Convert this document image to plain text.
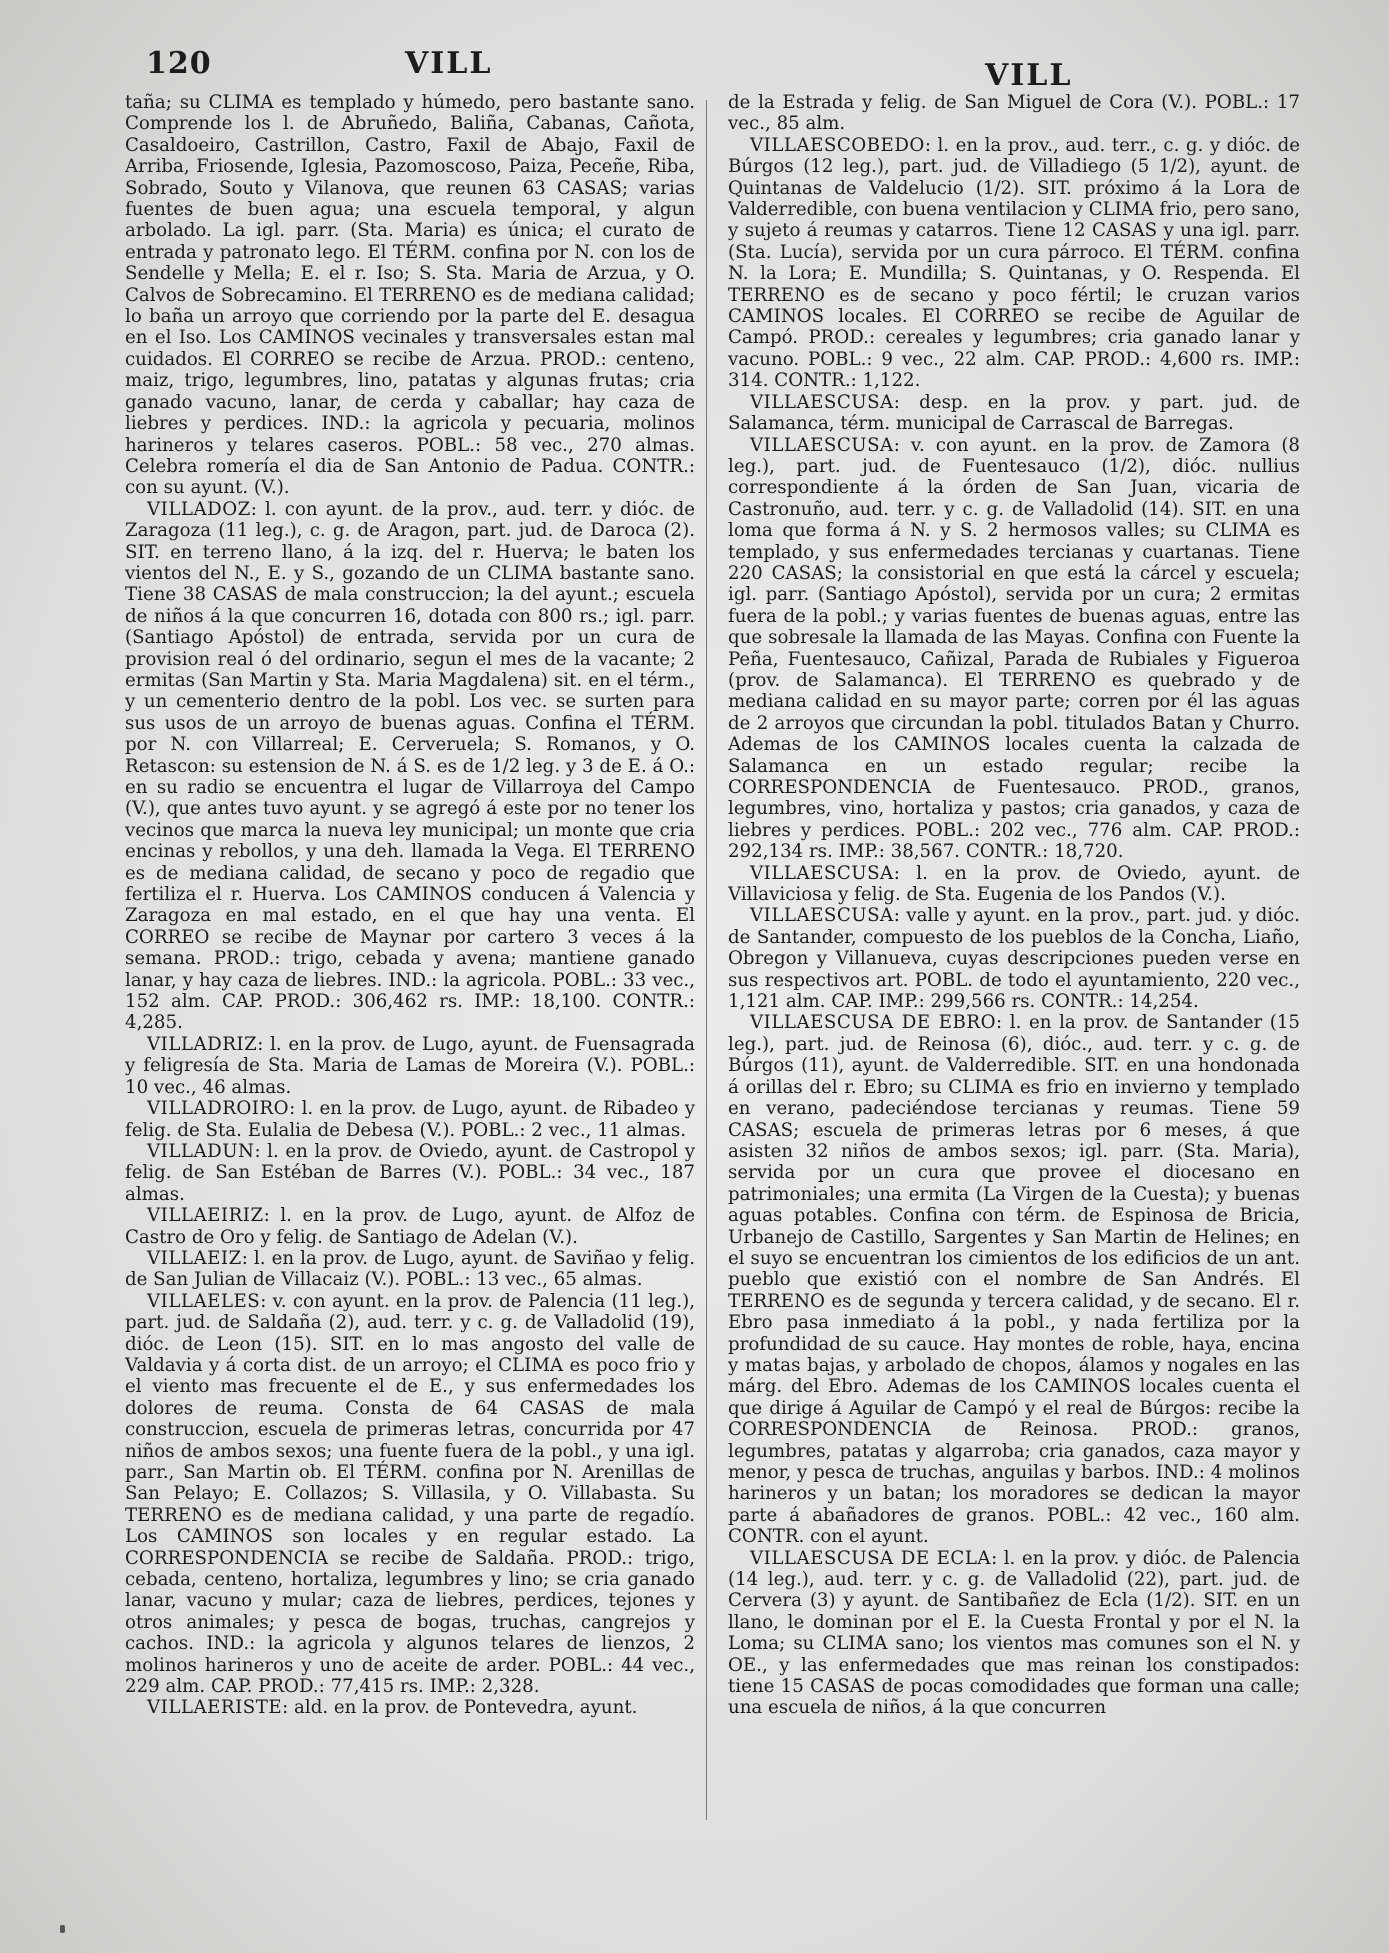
120	VILL	VILL

taña; su CLIMA es templado y húmedo, pero bastante sano. Comprende los l. de Abruñedo, Baliña, Cabanas, Cañota, Casaldoeiro, Castrillon, Castro, Faxil de Abajo, Faxil de Arriba, Friosende, Iglesia, Pazomoscoso, Paiza, Peceñe, Riba, Sobrado, Souto y Vilanova, que reunen 63 CASAS; varias fuentes de buen agua; una escuela temporal, y algun arbolado. La igl. parr. (Sta. Maria) es única; el curato de entrada y patronato lego. El TÉRM. confina por N. con los de Sendelle y Mella; E. el r. Iso; S. Sta. Maria de Arzua, y O. Calvos de Sobrecamino. El TERRENO es de mediana calidad; lo baña un arroyo que corriendo por la parte del E. desagua en el Iso. Los CAMINOS vecinales y transversales estan mal cuidados. El CORREO se recibe de Arzua. PROD.: centeno, maiz, trigo, legumbres, lino, patatas y algunas frutas; cria ganado vacuno, lanar, de cerda y caballar; hay caza de liebres y perdices. IND.: la agricola y pecuaria, molinos harineros y telares caseros. POBL.: 58 vec., 270 almas. Celebra romería el dia de San Antonio de Padua. CONTR.: con su ayunt. (V.).

VILLADOZ: l. con ayunt. de la prov., aud. terr. y dióc. de Zaragoza (11 leg.), c. g. de Aragon, part. jud. de Daroca (2). SIT. en terreno llano, á la izq. del r. Huerva; le baten los vientos del N., E. y S., gozando de un CLIMA bastante sano. Tiene 38 CASAS de mala construccion; la del ayunt.; escuela de niños á la que concurren 16, dotada con 800 rs.; igl. parr. (Santiago Apóstol) de entrada, servida por un cura de provision real ó del ordinario, segun el mes de la vacante; 2 ermitas (San Martin y Sta. Maria Magdalena) sit. en el térm., y un cementerio dentro de la pobl. Los vec. se surten para sus usos de un arroyo de buenas aguas. Confina el TÉRM. por N. con Villarreal; E. Cerveruela; S. Romanos, y O. Retascon: su estension de N. á S. es de 1/2 leg. y 3 de E. á O.: en su radio se encuentra el lugar de Villarroya del Campo (V.), que antes tuvo ayunt. y se agregó á este por no tener los vecinos que marca la nueva ley municipal; un monte que cria encinas y rebollos, y una deh. llamada la Vega. El TERRENO es de mediana calidad, de secano y poco de regadio que fertiliza el r. Huerva. Los CAMINOS conducen á Valencia y Zaragoza en mal estado, en el que hay una venta. El CORREO se recibe de Maynar por cartero 3 veces á la semana. PROD.: trigo, cebada y avena; mantiene ganado lanar, y hay caza de liebres. IND.: la agricola. POBL.: 33 vec., 152 alm. CAP. PROD.: 306,462 rs. IMP.: 18,100. CONTR.: 4,285.

VILLADRIZ: l. en la prov. de Lugo, ayunt. de Fuensagrada y feligresía de Sta. Maria de Lamas de Moreira (V.). POBL.: 10 vec., 46 almas.

VILLADROIRO: l. en la prov. de Lugo, ayunt. de Ribadeo y felig. de Sta. Eulalia de Debesa (V.). POBL.: 2 vec., 11 almas.

VILLADUN: l. en la prov. de Oviedo, ayunt. de Castropol y felig. de San Estéban de Barres (V.). POBL.: 34 vec., 187 almas.

VILLAEIRIZ: l. en la prov. de Lugo, ayunt. de Alfoz de Castro de Oro y felig. de Santiago de Adelan (V.).

VILLAEIZ: l. en la prov. de Lugo, ayunt. de Saviñao y felig. de San Julian de Villacaiz (V.). POBL.: 13 vec., 65 almas.

VILLAELES: v. con ayunt. en la prov. de Palencia (11 leg.), part. jud. de Saldaña (2), aud. terr. y c. g. de Valladolid (19), dióc. de Leon (15). SIT. en lo mas angosto del valle de Valdavia y á corta dist. de un arroyo; el CLIMA es poco frio y el viento mas frecuente el de E., y sus enfermedades los dolores de reuma. Consta de 64 CASAS de mala construccion, escuela de primeras letras, concurrida por 47 niños de ambos sexos; una fuente fuera de la pobl., y una igl. parr., San Martin ob. El TÉRM. confina por N. Arenillas de San Pelayo; E. Collazos; S. Villasila, y O. Villabasta. Su TERRENO es de mediana calidad, y una parte de regadío. Los CAMINOS son locales y en regular estado. La CORRESPONDENCIA se recibe de Saldaña. PROD.: trigo, cebada, centeno, hortaliza, legumbres y lino; se cria ganado lanar, vacuno y mular; caza de liebres, perdices, tejones y otros animales; y pesca de bogas, truchas, cangrejos y cachos. IND.: la agricola y algunos telares de lienzos, 2 molinos harineros y uno de aceite de arder. POBL.: 44 vec., 229 alm. CAP. PROD.: 77,415 rs. IMP.: 2,328.

VILLAERISTE: ald. en la prov. de Pontevedra, ayunt.

de la Estrada y felig. de San Miguel de Cora (V.). POBL.: 17 vec., 85 alm.

VILLAESCOBEDO: l. en la prov., aud. terr., c. g. y dióc. de Búrgos (12 leg.), part. jud. de Villadiego (5 1/2), ayunt. de Quintanas de Valdelucio (1/2). SIT. próximo á la Lora de Valderredible, con buena ventilacion y CLIMA frio, pero sano, y sujeto á reumas y catarros. Tiene 12 CASAS y una igl. parr. (Sta. Lucía), servida por un cura párroco. El TÉRM. confina N. la Lora; E. Mundilla; S. Quintanas, y O. Respenda. El TERRENO es de secano y poco fértil; le cruzan varios CAMINOS locales. El CORREO se recibe de Aguilar de Campó. PROD.: cereales y legumbres; cria ganado lanar y vacuno. POBL.: 9 vec., 22 alm. CAP. PROD.: 4,600 rs. IMP.: 314. CONTR.: 1,122.

VILLAESCUSA: desp. en la prov. y part. jud. de Salamanca, térm. municipal de Carrascal de Barregas.

VILLAESCUSA: v. con ayunt. en la prov. de Zamora (8 leg.), part. jud. de Fuentesauco (1/2), dióc. nullius correspondiente á la órden de San Juan, vicaria de Castronuño, aud. terr. y c. g. de Valladolid (14). SIT. en una loma que forma á N. y S. 2 hermosos valles; su CLIMA es templado, y sus enfermedades tercianas y cuartanas. Tiene 220 CASAS; la consistorial en que está la cárcel y escuela; igl. parr. (Santiago Apóstol), servida por un cura; 2 ermitas fuera de la pobl.; y varias fuentes de buenas aguas, entre las que sobresale la llamada de las Mayas. Confina con Fuente la Peña, Fuentesauco, Cañizal, Parada de Rubiales y Figueroa (prov. de Salamanca). El TERRENO es quebrado y de mediana calidad en su mayor parte; corren por él las aguas de 2 arroyos que circundan la pobl. titulados Batan y Churro. Ademas de los CAMINOS locales cuenta la calzada de Salamanca en un estado regular; recibe la CORRESPONDENCIA de Fuentesauco. PROD., granos, legumbres, vino, hortaliza y pastos; cria ganados, y caza de liebres y perdices. POBL.: 202 vec., 776 alm. CAP. PROD.: 292,134 rs. IMP.: 38,567. CONTR.: 18,720.

VILLAESCUSA: l. en la prov. de Oviedo, ayunt. de Villaviciosa y felig. de Sta. Eugenia de los Pandos (V.).

VILLAESCUSA: valle y ayunt. en la prov., part. jud. y dióc. de Santander, compuesto de los pueblos de la Concha, Liaño, Obregon y Villanueva, cuyas descripciones pueden verse en sus respectivos art. POBL. de todo el ayuntamiento, 220 vec., 1,121 alm. CAP. IMP.: 299,566 rs. CONTR.: 14,254.

VILLAESCUSA DE EBRO: l. en la prov. de Santander (15 leg.), part. jud. de Reinosa (6), dióc., aud. terr. y c. g. de Búrgos (11), ayunt. de Valderredible. SIT. en una hondonada á orillas del r. Ebro; su CLIMA es frio en invierno y templado en verano, padeciéndose tercianas y reumas. Tiene 59 CASAS; escuela de primeras letras por 6 meses, á que asisten 32 niños de ambos sexos; igl. parr. (Sta. Maria), servida por un cura que provee el diocesano en patrimoniales; una ermita (La Virgen de la Cuesta); y buenas aguas potables. Confina con térm. de Espinosa de Bricia, Urbanejo de Castillo, Sargentes y San Martin de Helines; en el suyo se encuentran los cimientos de los edificios de un ant. pueblo que existió con el nombre de San Andrés. El TERRENO es de segunda y tercera calidad, y de secano. El r. Ebro pasa inmediato á la pobl., y nada fertiliza por la profundidad de su cauce. Hay montes de roble, haya, encina y matas bajas, y arbolado de chopos, álamos y nogales en las márg. del Ebro. Ademas de los CAMINOS locales cuenta el que dirige á Aguilar de Campó y el real de Búrgos: recibe la CORRESPONDENCIA de Reinosa. PROD.: granos, legumbres, patatas y algarroba; cria ganados, caza mayor y menor, y pesca de truchas, anguilas y barbos. IND.: 4 molinos harineros y un batan; los moradores se dedican la mayor parte á abañadores de granos. POBL.: 42 vec., 160 alm. CONTR. con el ayunt.

VILLAESCUSA DE ECLA: l. en la prov. y dióc. de Palencia (14 leg.), aud. terr. y c. g. de Valladolid (22), part. jud. de Cervera (3) y ayunt. de Santibañez de Ecla (1/2). SIT. en un llano, le dominan por el E. la Cuesta Frontal y por el N. la Loma; su CLIMA sano; los vientos mas comunes son el N. y OE., y las enfermedades que mas reinan los constipados: tiene 15 CASAS de pocas comodidades que forman una calle; una escuela de niños, á la que concurren
